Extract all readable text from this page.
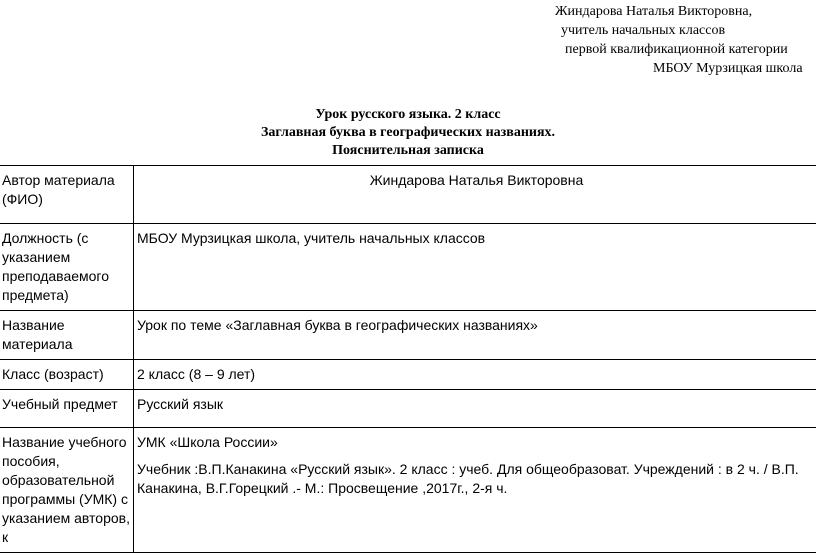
Жиндарова Наталья Викторовна,
учитель начальных классов
первой квалификационной категории
МБОУ Мурзицкая школа
Урок русского языка. 2 класс
Заглавная буква в географических названиях.
Пояснительная записка
Автор материала (ФИО)	Жиндарова Наталья Викторовна
Должность (с указанием преподаваемого предмета)	МБОУ Мурзицкая школа, учитель начальных классов
Название материала	Урок по теме «Заглавная буква в географических названиях»
Класс (возраст)	2 класс (8 – 9 лет)
Учебный предмет	Русский язык
Название учебного пособия, образовательной программы (УМК) с указанием авторов, к	УМК «Школа России»
Учебник :В.П.Канакина «Русский язык». 2 класс : учеб. Для общеобразоват. Учреждений : в 2 ч. / В.П. Канакина, В.Г.Горецкий .- М.: Просвещение ,2017г., 2-я ч.
